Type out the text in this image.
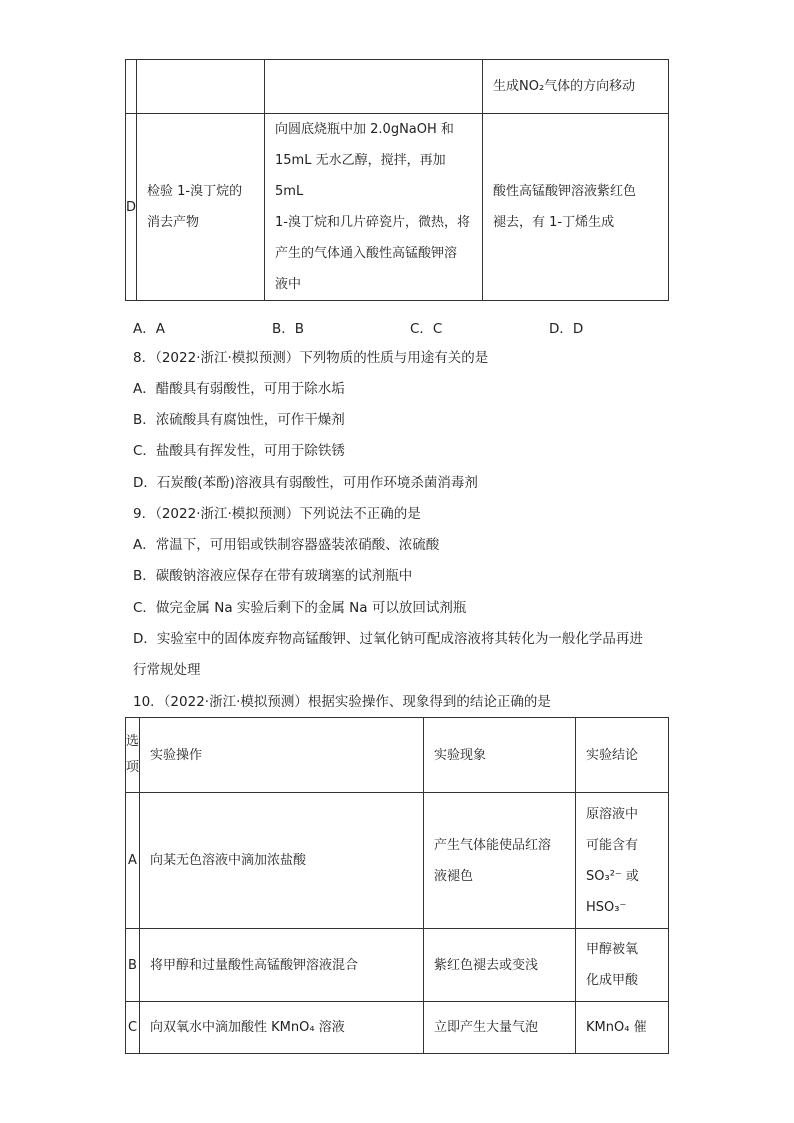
			生成NO₂气体的方向移动
D	检验 1-溴丁烷的
消去产物	向圆底烧瓶中加 2.0gNaOH 和
15mL 无水乙醇，搅拌，再加 5mL
1-溴丁烷和几片碎瓷片，微热，将
产生的气体通入酸性高锰酸钾溶
液中	酸性高锰酸钾溶液紫红色
褪去，有 1-丁烯生成
A．A	B．B	C．C	D．D
8．（2022·浙江·模拟预测）下列物质的性质与用途有关的是
A．醋酸具有弱酸性，可用于除水垢
B．浓硫酸具有腐蚀性，可作干燥剂
C．盐酸具有挥发性，可用于除铁锈
D．石炭酸(苯酚)溶液具有弱酸性，可用作环境杀菌消毒剂
9．（2022·浙江·模拟预测）下列说法不正确的是
A．常温下，可用铝或铁制容器盛装浓硝酸、浓硫酸
B．碳酸钠溶液应保存在带有玻璃塞的试剂瓶中
C．做完金属 Na 实验后剩下的金属 Na 可以放回试剂瓶
D．实验室中的固体废弃物高锰酸钾、过氧化钠可配成溶液将其转化为一般化学品再进
行常规处理
10．（2022·浙江·模拟预测）根据实验操作、现象得到的结论正确的是
选
项	实验操作	实验现象	实验结论
A	向某无色溶液中滴加浓盐酸	产生气体能使品红溶
液褪色	原溶液中
可能含有
SO₃²⁻ 或
HSO₃⁻

B	将甲醇和过量酸性高锰酸钾溶液混合	紫红色褪去或变浅	甲醇被氧
化成甲酸

C	向双氧水中滴加酸性 KMnO₄ 溶液	立即产生大量气泡	KMnO₄ 催
